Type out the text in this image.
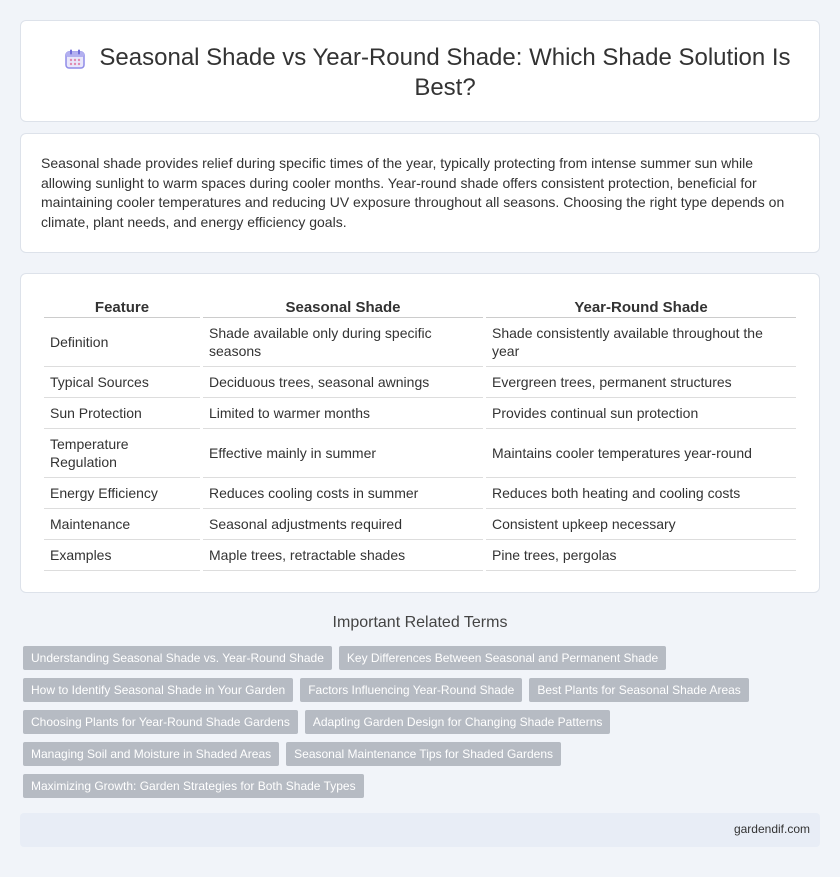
Seasonal Shade vs Year-Round Shade: Which Shade Solution Is Best?

Seasonal shade provides relief during specific times of the year, typically protecting from intense summer sun while allowing sunlight to warm spaces during cooler months. Year-round shade offers consistent protection, beneficial for maintaining cooler temperatures and reducing UV exposure throughout all seasons. Choosing the right type depends on climate, plant needs, and energy efficiency goals.

Feature	Seasonal Shade	Year-Round Shade
Definition	Shade available only during specific seasons	Shade consistently available throughout the year
Typical Sources	Deciduous trees, seasonal awnings	Evergreen trees, permanent structures
Sun Protection	Limited to warmer months	Provides continual sun protection
Temperature Regulation	Effective mainly in summer	Maintains cooler temperatures year-round
Energy Efficiency	Reduces cooling costs in summer	Reduces both heating and cooling costs
Maintenance	Seasonal adjustments required	Consistent upkeep necessary
Examples	Maple trees, retractable shades	Pine trees, pergolas
Important Related Terms
Understanding Seasonal Shade vs. Year-Round Shade	Key Differences Between Seasonal and Permanent Shade
How to Identify Seasonal Shade in Your Garden	Factors Influencing Year-Round Shade	Best Plants for Seasonal Shade Areas
Choosing Plants for Year-Round Shade Gardens	Adapting Garden Design for Changing Shade Patterns
Managing Soil and Moisture in Shaded Areas	Seasonal Maintenance Tips for Shaded Gardens
Maximizing Growth: Garden Strategies for Both Shade Types
gardendif.com
